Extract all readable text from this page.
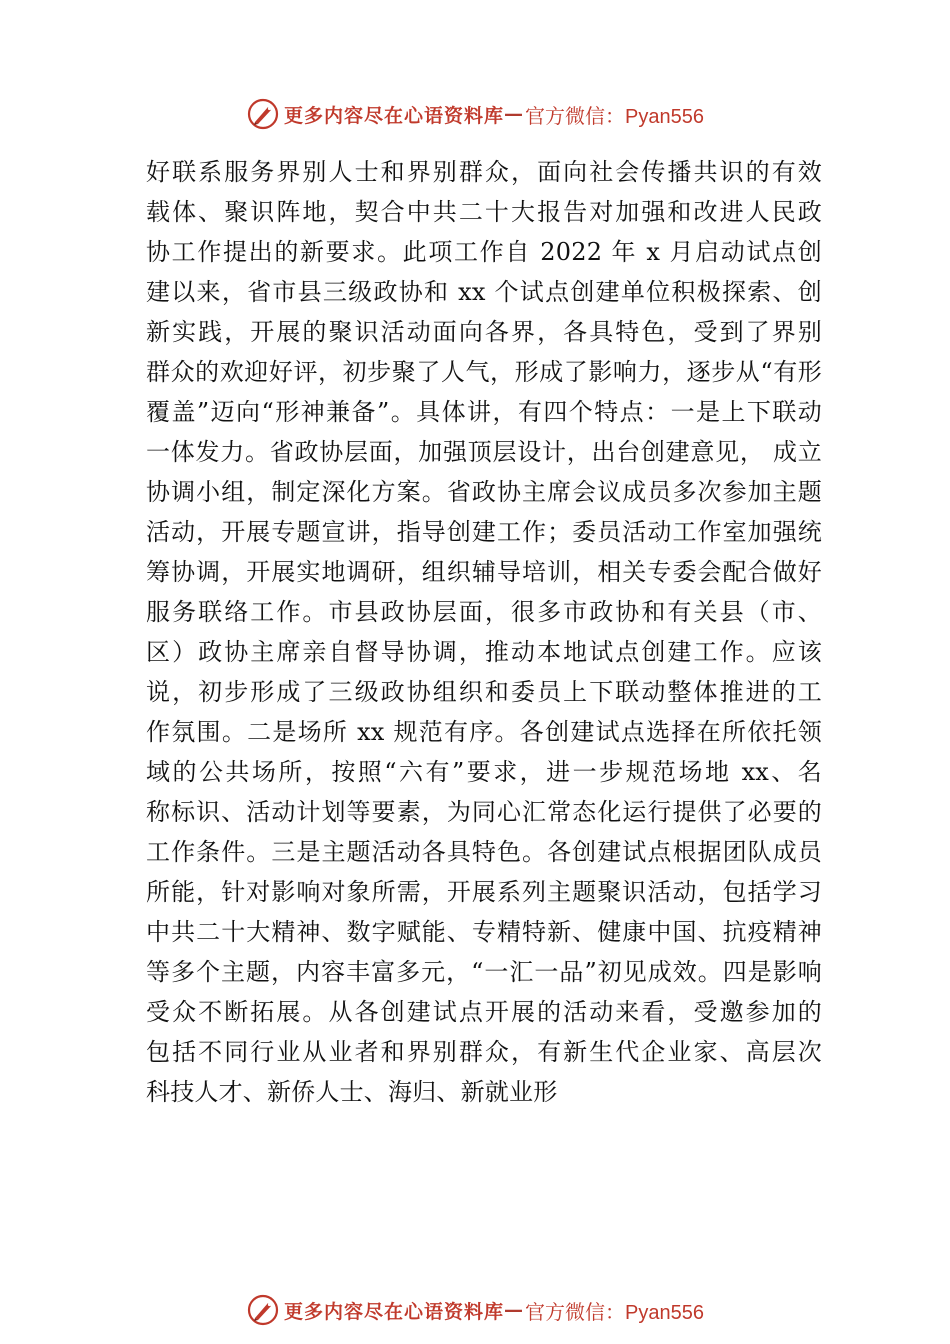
更多内容尽在心语资料库 — 官方微信：Pyan556
好联系服务界别人士和界别群众，面向社会传播共识的有效
载体、聚识阵地，契合中共二十大报告对加强和改进人民政
协工作提出的新要求。此项工作自 2022 年 x 月启动试点创
建以来，省市县三级政协和 xx 个试点创建单位积极探索、创
新实践，开展的聚识活动面向各界，各具特色，受到了界别
群众的欢迎好评，初步聚了人气，形成了影响力，逐步从“有形
覆盖”迈向“形神兼备”。具体讲，有四个特点：一是上下联动
一体发力。省政协层面，加强顶层设计，出台创建意见， 成立
协调小组，制定深化方案。省政协主席会议成员多次参加主题
活动，开展专题宣讲，指导创建工作；委员活动工作室加强统
筹协调，开展实地调研，组织辅导培训，相关专委会配合做好
服务联络工作。市县政协层面，很多市政协和有关县（市、
区）政协主席亲自督导协调，推动本地试点创建工作。应该
说，初步形成了三级政协组织和委员上下联动整体推进的工
作氛围。二是场所 xx 规范有序。各创建试点选择在所依托领
域的公共场所，按照“六有”要求，进一步规范场地 xx、名
称标识、活动计划等要素，为同心汇常态化运行提供了必要的
工作条件。三是主题活动各具特色。各创建试点根据团队成员
所能，针对影响对象所需，开展系列主题聚识活动，包括学习
中共二十大精神、数字赋能、专精特新、健康中国、抗疫精神
等多个主题，内容丰富多元，“一汇一品”初见成效。四是影响
受众不断拓展。从各创建试点开展的活动来看，受邀参加的
包括不同行业从业者和界别群众，有新生代企业家、高层次
科技人才、新侨人士、海归、新就业形
更多内容尽在心语资料库 — 官方微信：Pyan556
